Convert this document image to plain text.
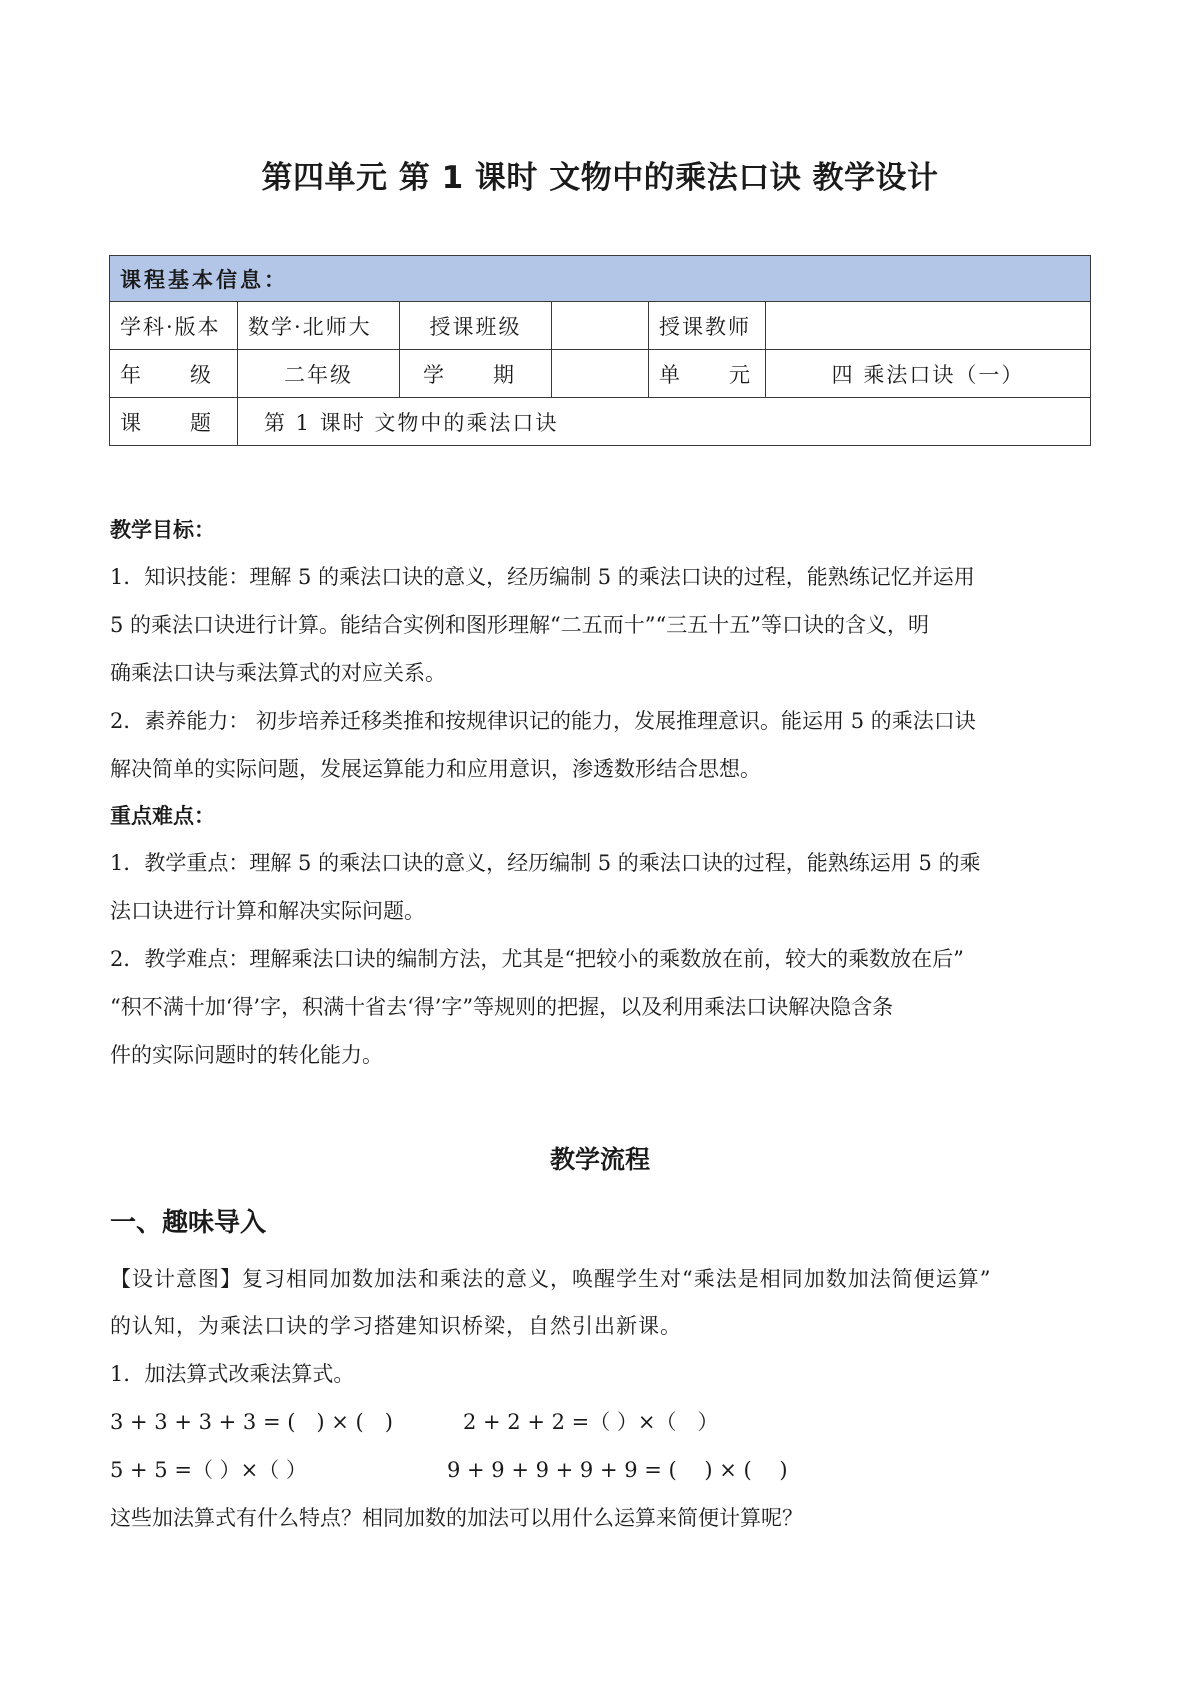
第四单元 第 1 课时 文物中的乘法口诀 教学设计
课程基本信息：					
学科·版本	数学·北师大	授课班级		授课教师	
年　级	二年级	学　期		单　元	四 乘法口诀（一）
课　题	第 1 课时 文物中的乘法口诀				
教学目标：
1．知识技能：理解 5 的乘法口诀的意义，经历编制 5 的乘法口诀的过程，能熟练记忆并运用
5 的乘法口诀进行计算。能结合实例和图形理解“二五而十”“三五十五”等口诀的含义，明
确乘法口诀与乘法算式的对应关系。
2．素养能力： 初步培养迁移类推和按规律识记的能力，发展推理意识。能运用 5 的乘法口诀
解决简单的实际问题，发展运算能力和应用意识，渗透数形结合思想。
重点难点：
1．教学重点：理解 5 的乘法口诀的意义，经历编制 5 的乘法口诀的过程，能熟练运用 5 的乘
法口诀进行计算和解决实际问题。
2．教学难点：理解乘法口诀的编制方法，尤其是“把较小的乘数放在前，较大的乘数放在后”
“积不满十加‘得’字，积满十省去‘得’字”等规则的把握，以及利用乘法口诀解决隐含条
件的实际问题时的转化能力。
教学流程
一、趣味导入
【设计意图】复习相同加数加法和乘法的意义，唤醒学生对“乘法是相同加数加法简便运算”
的认知，为乘法口诀的学习搭建知识桥梁，自然引出新课。
1．加法算式改乘法算式。
3 + 3 + 3 + 3 = (　) × (　)	2 + 2 + 2 =（ ）×（　）
5 + 5 =（ ）×（ ）	9 + 9 + 9 + 9 + 9 = (　 ) × (　 )
这些加法算式有什么特点？相同加数的加法可以用什么运算来简便计算呢？
